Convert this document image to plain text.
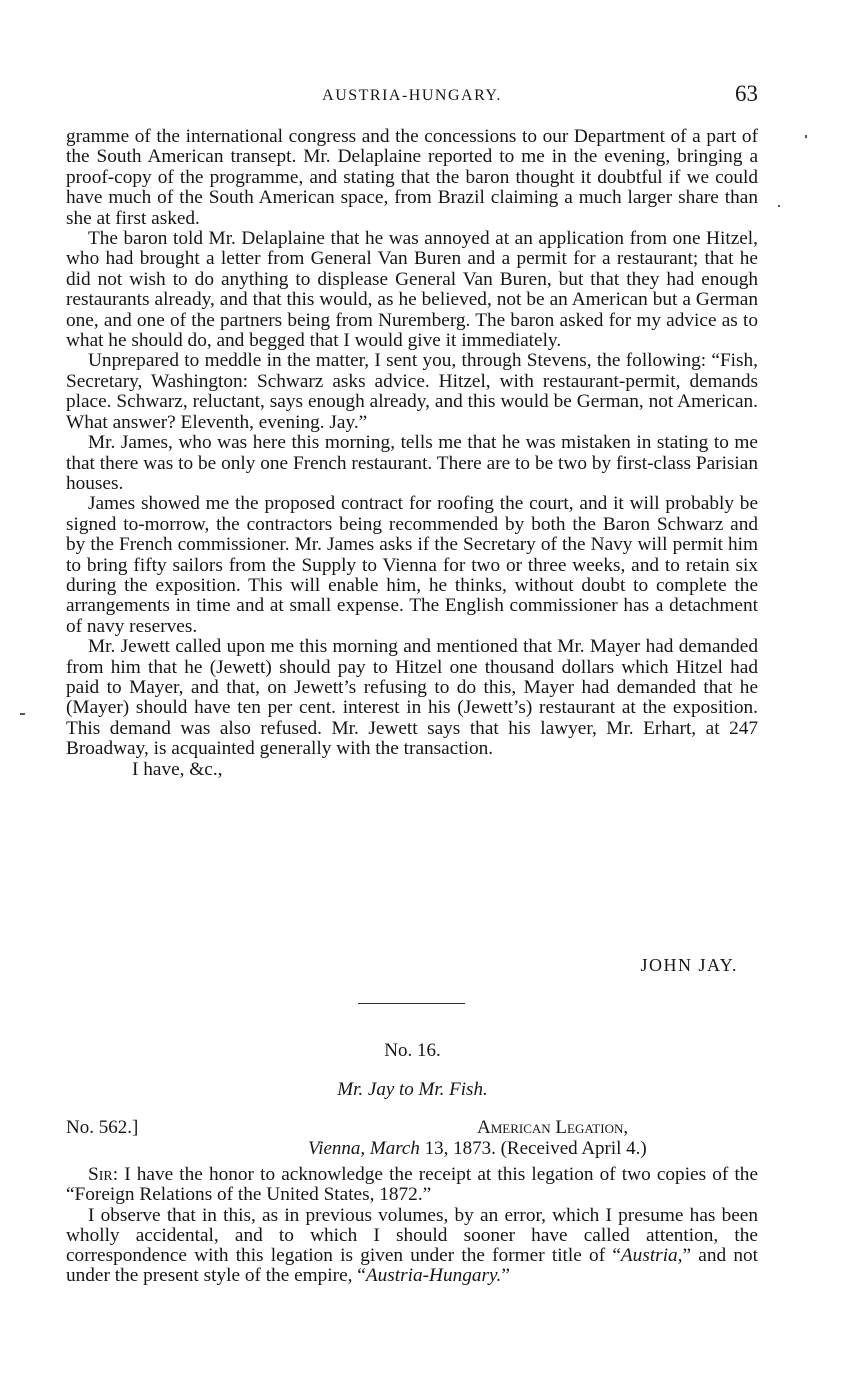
AUSTRIA-HUNGARY.	63

gramme of the international congress and the concessions to our Department of a part of the South American transept. Mr. Delaplaine reported to me in the evening, bringing a proof-copy of the programme, and stating that the baron thought it doubtful if we could have much of the South American space, from Brazil claiming a much larger share than she at first asked.

The baron told Mr. Delaplaine that he was annoyed at an application from one Hitzel, who had brought a letter from General Van Buren and a permit for a restaurant; that he did not wish to do anything to displease General Van Buren, but that they had enough restaurants already, and that this would, as he believed, not be an American but a German one, and one of the partners being from Nuremberg. The baron asked for my advice as to what he should do, and begged that I would give it immediately.

Unprepared to meddle in the matter, I sent you, through Stevens, the following: “Fish, Secretary, Washington: Schwarz asks advice. Hitzel, with restaurant-permit, demands place. Schwarz, reluctant, says enough already, and this would be German, not American. What answer? Eleventh, evening. Jay.”

Mr. James, who was here this morning, tells me that he was mistaken in stating to me that there was to be only one French restaurant. There are to be two by first-class Parisian houses.

James showed me the proposed contract for roofing the court, and it will probably be signed to-morrow, the contractors being recommended by both the Baron Schwarz and by the French commissioner. Mr. James asks if the Secretary of the Navy will permit him to bring fifty sailors from the Supply to Vienna for two or three weeks, and to retain six during the exposition. This will enable him, he thinks, without doubt to complete the arrangements in time and at small expense. The English commissioner has a detachment of navy reserves.

Mr. Jewett called upon me this morning and mentioned that Mr. Mayer had demanded from him that he (Jewett) should pay to Hitzel one thousand dollars which Hitzel had paid to Mayer, and that, on Jewett’s refusing to do this, Mayer had demanded that he (Mayer) should have ten per cent. interest in his (Jewett’s) restaurant at the exposition. This demand was also refused. Mr. Jewett says that his lawyer, Mr. Erhart, at 247 Broadway, is acquainted generally with the transaction.

I have, &c.,

JOHN JAY.
No. 16.
Mr. Jay to Mr. Fish.
No. 562.]	American Legation,
Vienna, March 13, 1873. (Received April 4.)

Sir: I have the honor to acknowledge the receipt at this legation of two copies of the “Foreign Relations of the United States, 1872.”

I observe that in this, as in previous volumes, by an error, which I presume has been wholly accidental, and to which I should sooner have called attention, the correspondence with this legation is given under the former title of “Austria,” and not under the present style of the empire, “Austria-Hungary.”
